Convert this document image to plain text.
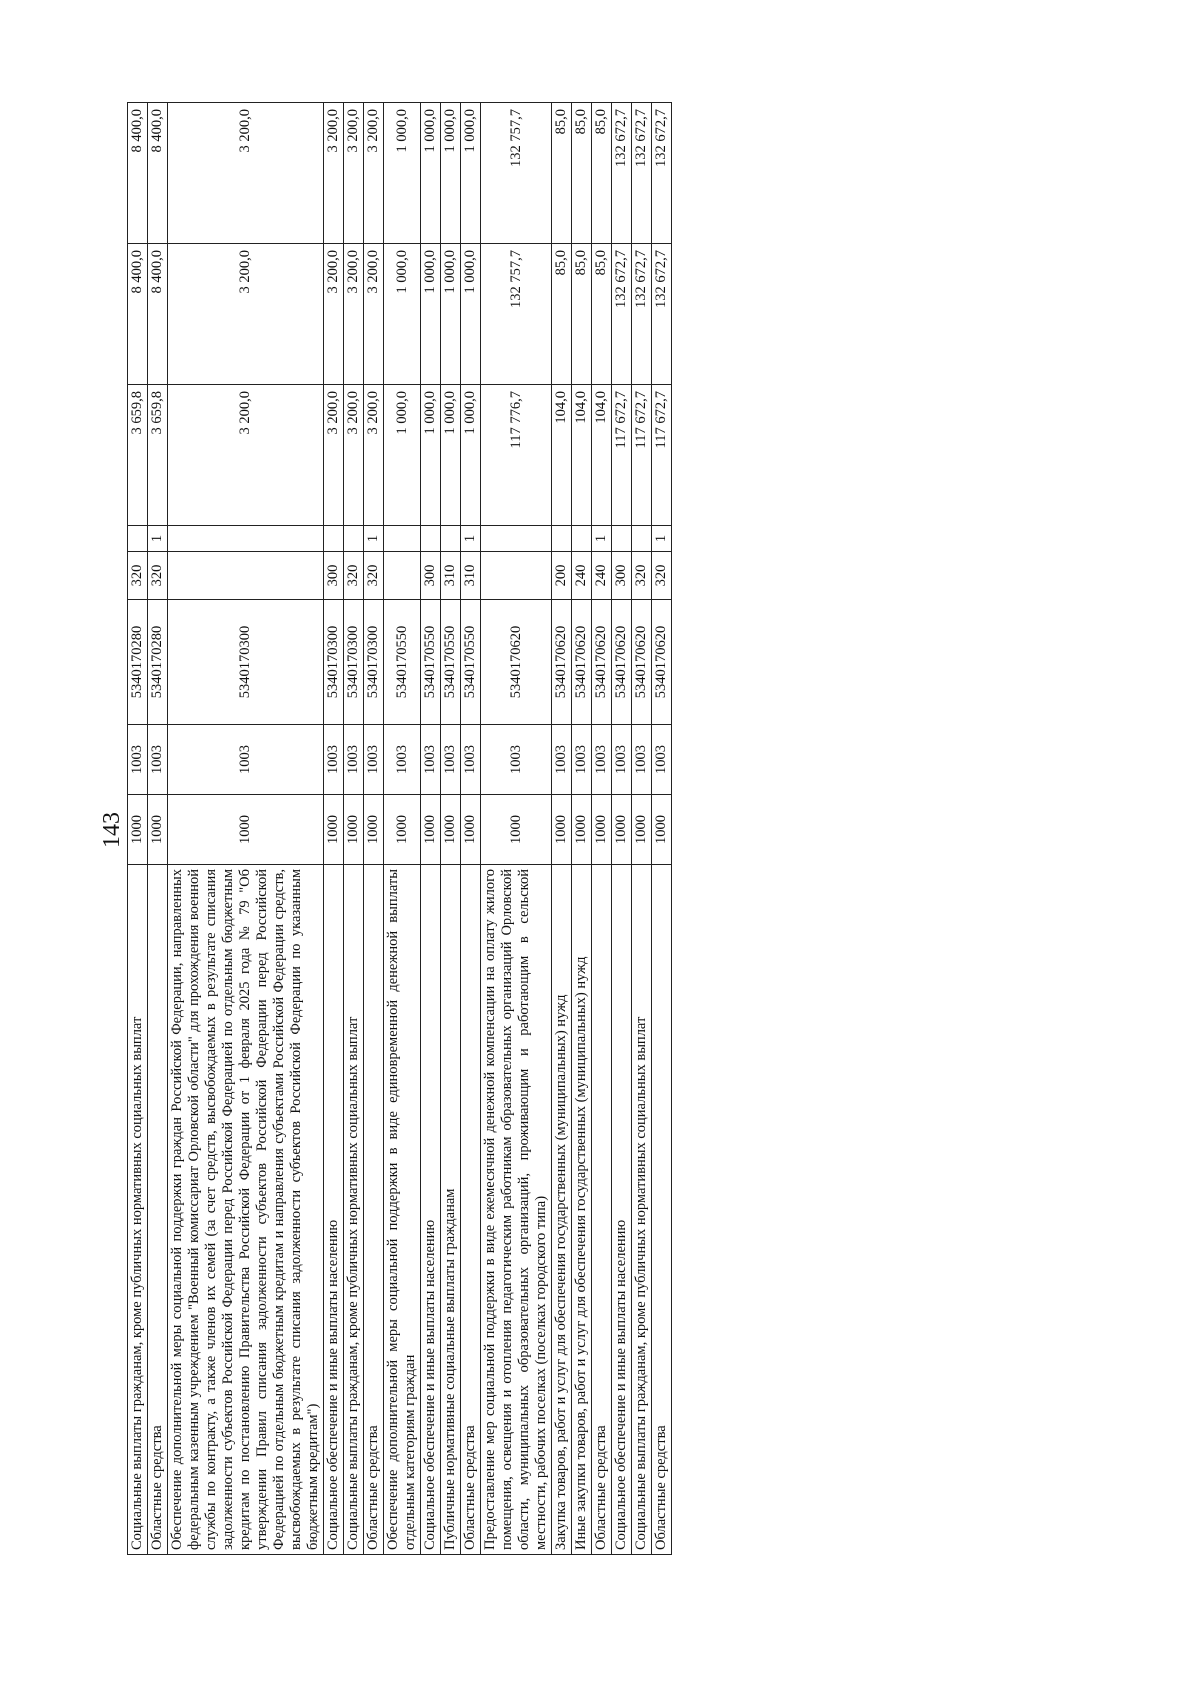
143
Социальные выплаты гражданам, кроме публичных нормативных социальных выплат	1000	1003	5340170280	320		3 659,8	8 400,0	8 400,0
Областные средства	1000	1003	5340170280	320	1	3 659,8	8 400,0	8 400,0
Обеспечение дополнительной меры социальной поддержки граждан Российской Федерации, направленных федеральным казенным учреждением "Военный комиссариат Орловской области" для прохождения военной службы по контракту, а также членов их семей (за счет средств, высвобождаемых в результате списания задолженности субъектов Российской Федерации перед Российской Федерацией по отдельным бюджетным кредитам по постановлению Правительства Российской Федерации от 1 февраля 2025 года № 79 "Об утверждении Правил списания задолженности субъектов Российской Федерации перед Российской Федерацией по отдельным бюджетным кредитам и направления субъектами Российской Федерации средств, высвобождаемых в результате списания задолженности субъектов Российской Федерации по указанным бюджетным кредитам")	1000	1003	5340170300			3 200,0	3 200,0	3 200,0
Социальное обеспечение и иные выплаты населению	1000	1003	5340170300	300		3 200,0	3 200,0	3 200,0
Социальные выплаты гражданам, кроме публичных нормативных социальных выплат	1000	1003	5340170300	320		3 200,0	3 200,0	3 200,0
Областные средства	1000	1003	5340170300	320	1	3 200,0	3 200,0	3 200,0
Обеспечение дополнительной меры социальной поддержки в виде единовременной денежной выплаты отдельным категориям граждан	1000	1003	5340170550			1 000,0	1 000,0	1 000,0
Социальное обеспечение и иные выплаты населению	1000	1003	5340170550	300		1 000,0	1 000,0	1 000,0
Публичные нормативные социальные выплаты гражданам	1000	1003	5340170550	310		1 000,0	1 000,0	1 000,0
Областные средства	1000	1003	5340170550	310	1	1 000,0	1 000,0	1 000,0
Предоставление мер социальной поддержки в виде ежемесячной денежной компенсации на оплату жилого помещения, освещения и отопления педагогическим работникам образовательных организаций Орловской области, муниципальных образовательных организаций, проживающим и работающим в сельской местности, рабочих поселках (поселках городского типа)	1000	1003	5340170620			117 776,7	132 757,7	132 757,7
Закупка товаров, работ и услуг для обеспечения государственных (муниципальных) нужд	1000	1003	5340170620	200		104,0	85,0	85,0
Иные закупки товаров, работ и услуг для обеспечения государственных (муниципальных) нужд	1000	1003	5340170620	240		104,0	85,0	85,0
Областные средства	1000	1003	5340170620	240	1	104,0	85,0	85,0
Социальное обеспечение и иные выплаты населению	1000	1003	5340170620	300		117 672,7	132 672,7	132 672,7
Социальные выплаты гражданам, кроме публичных нормативных социальных выплат	1000	1003	5340170620	320		117 672,7	132 672,7	132 672,7
Областные средства	1000	1003	5340170620	320	1	117 672,7	132 672,7	132 672,7
